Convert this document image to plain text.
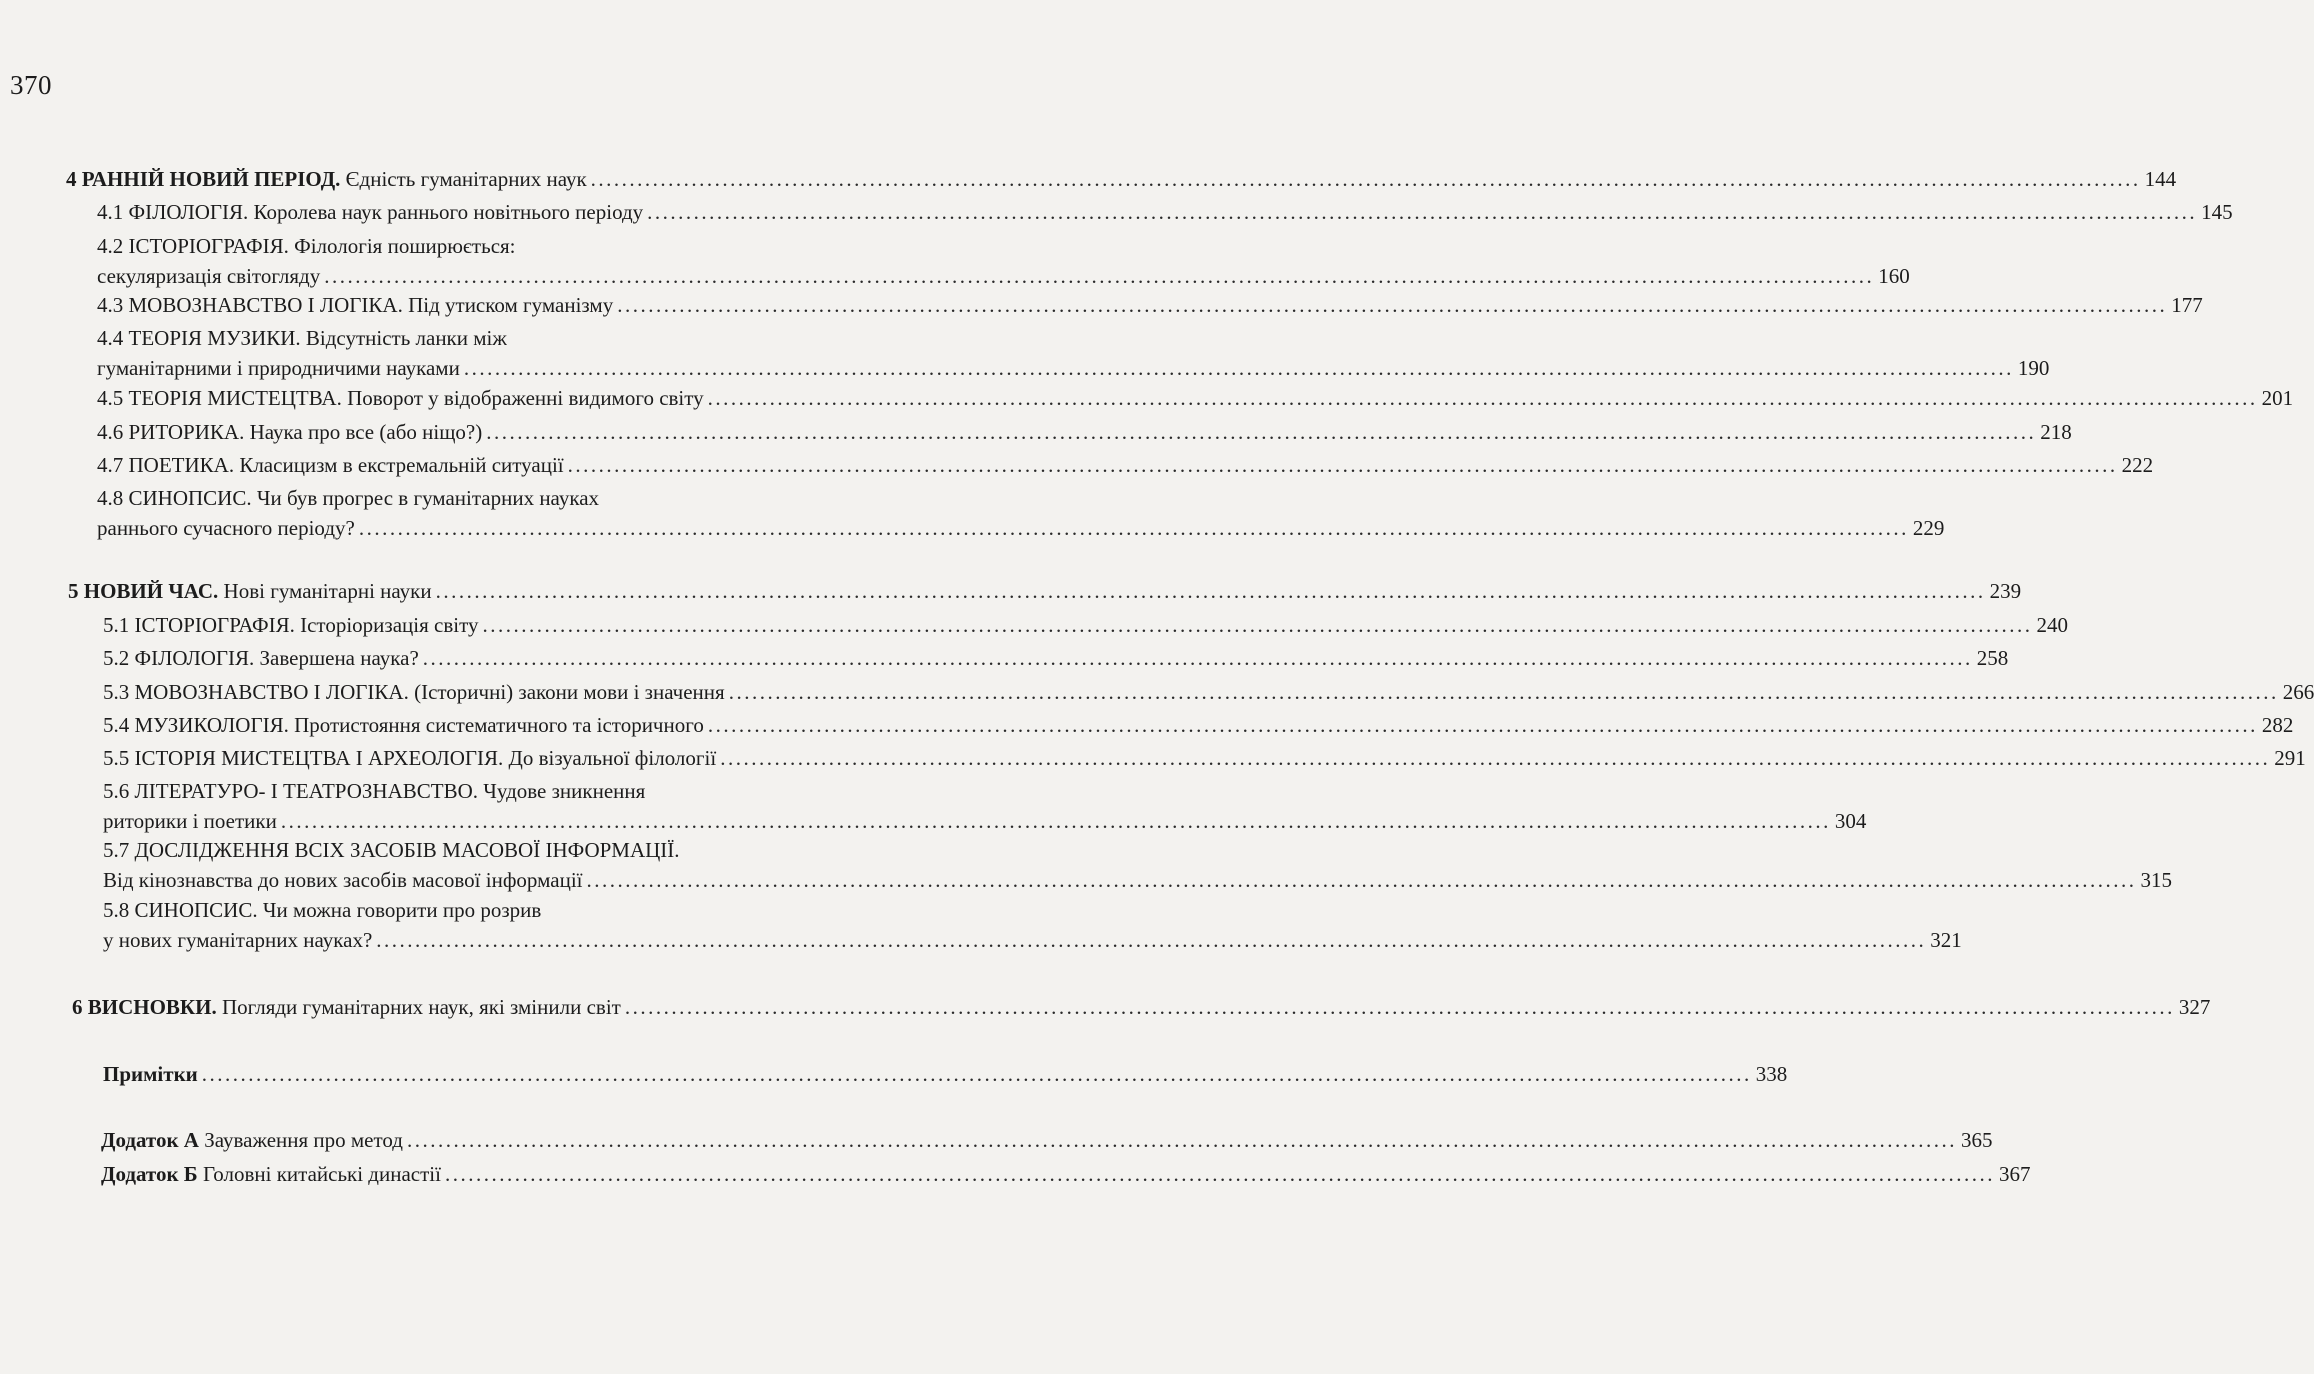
370
4 РАННІЙ НОВИЙ ПЕРІОД. Єдність гуманітарних наук ........................................................................................................................................................................................................ 144
4.1 ФІЛОЛОГІЯ. Королева наук раннього новітнього періоду ........................................................................................................................................................................................................ 145
4.2 ІСТОРІОГРАФІЯ. Філологія поширюється:
секуляризація світогляду ........................................................................................................................................................................................................ 160
4.3 МОВОЗНАВСТВО І ЛОГІКА. Під утиском гуманізму ........................................................................................................................................................................................................ 177
4.4 ТЕОРІЯ МУЗИКИ. Відсутність ланки між
гуманітарними і природничими науками ........................................................................................................................................................................................................ 190
4.5 ТЕОРІЯ МИСТЕЦТВА. Поворот у відображенні видимого світу ........................................................................................................................................................................................................ 201
4.6 РИТОРИКА. Наука про все (або ніщо?) ........................................................................................................................................................................................................ 218
4.7 ПОЕТИКА. Класицизм в екстремальній ситуації ........................................................................................................................................................................................................ 222
4.8 СИНОПСИС. Чи був прогрес в гуманітарних науках
раннього сучасного періоду? ........................................................................................................................................................................................................ 229
5 НОВИЙ ЧАС. Нові гуманітарні науки ........................................................................................................................................................................................................ 239
5.1 ІСТОРІОГРАФІЯ. Історіоризація світу ........................................................................................................................................................................................................ 240
5.2 ФІЛОЛОГІЯ. Завершена наука? ........................................................................................................................................................................................................ 258
5.3 МОВОЗНАВСТВО І ЛОГІКА. (Історичні) закони мови і значення ........................................................................................................................................................................................................ 266
5.4 МУЗИКОЛОГІЯ. Протистояння систематичного та історичного ........................................................................................................................................................................................................ 282
5.5 ІСТОРІЯ МИСТЕЦТВА І АРХЕОЛОГІЯ. До візуальної філології ........................................................................................................................................................................................................ 291
5.6 ЛІТЕРАТУРО- І ТЕАТРОЗНАВСТВО. Чудове зникнення
риторики і поетики ........................................................................................................................................................................................................ 304
5.7 ДОСЛІДЖЕННЯ ВСІХ ЗАСОБІВ МАСОВОЇ ІНФОРМАЦІЇ.
Від кінознавства до нових засобів масової інформації ........................................................................................................................................................................................................ 315
5.8 СИНОПСИС. Чи можна говорити про розрив
у нових гуманітарних науках? ........................................................................................................................................................................................................ 321
6 ВИСНОВКИ. Погляди гуманітарних наук, які змінили світ ........................................................................................................................................................................................................ 327
Примітки ........................................................................................................................................................................................................ 338
Додаток А Зауваження про метод ........................................................................................................................................................................................................ 365
Додаток Б Головні китайські династії ........................................................................................................................................................................................................ 367
